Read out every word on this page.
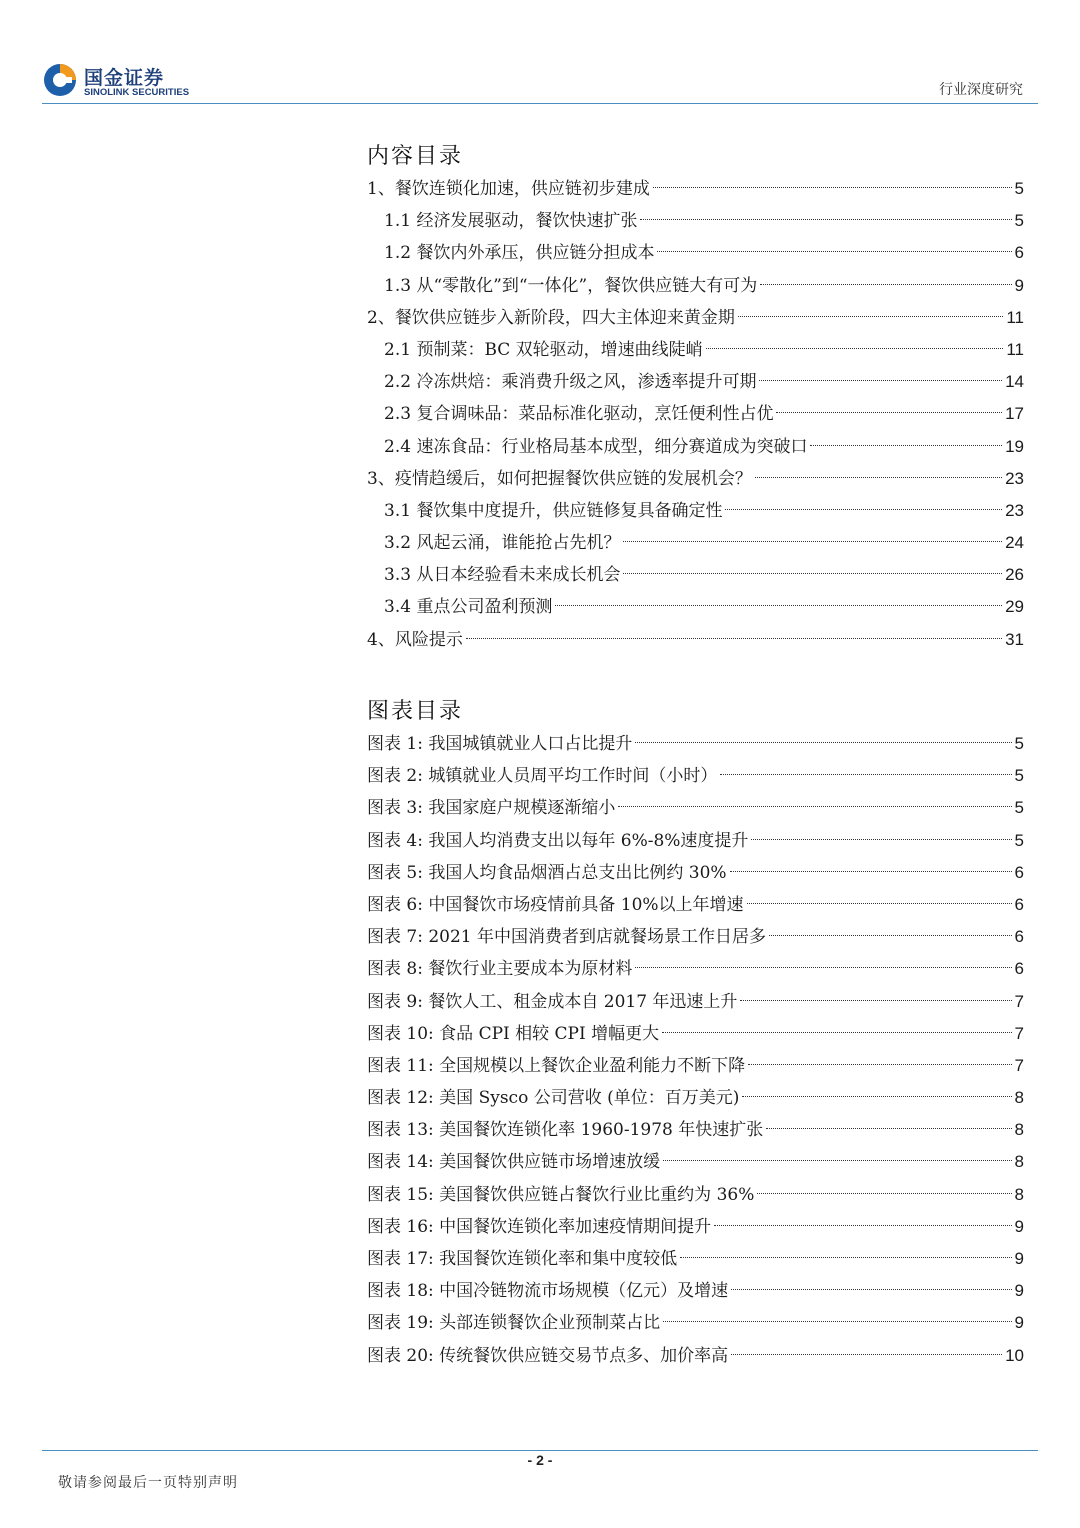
国金证券
SINOLINK SECURITIES	行业深度研究
内容目录
1、餐饮连锁化加速，供应链初步建成	5
1.1 经济发展驱动，餐饮快速扩张	5
1.2 餐饮内外承压，供应链分担成本	6
1.3 从“零散化”到“一体化”，餐饮供应链大有可为	9
2、餐饮供应链步入新阶段，四大主体迎来黄金期	11
2.1 预制菜：BC 双轮驱动，增速曲线陡峭	11
2.2 冷冻烘焙：乘消费升级之风，渗透率提升可期	14
2.3 复合调味品：菜品标准化驱动，烹饪便利性占优	17
2.4 速冻食品：行业格局基本成型，细分赛道成为突破口	19
3、疫情趋缓后，如何把握餐饮供应链的发展机会？	23
3.1 餐饮集中度提升，供应链修复具备确定性	23
3.2 风起云涌，谁能抢占先机？	24
3.3 从日本经验看未来成长机会	26
3.4 重点公司盈利预测	29
4、风险提示	31
图表目录
图表 1: 我国城镇就业人口占比提升	5
图表 2: 城镇就业人员周平均工作时间（小时）	5
图表 3: 我国家庭户规模逐渐缩小	5
图表 4: 我国人均消费支出以每年 6%-8%速度提升	5
图表 5: 我国人均食品烟酒占总支出比例约 30%	6
图表 6: 中国餐饮市场疫情前具备 10%以上年增速	6
图表 7: 2021 年中国消费者到店就餐场景工作日居多	6
图表 8: 餐饮行业主要成本为原材料	6
图表 9: 餐饮人工、租金成本自 2017 年迅速上升	7
图表 10: 食品 CPI 相较 CPI 增幅更大	7
图表 11: 全国规模以上餐饮企业盈利能力不断下降	7
图表 12: 美国 Sysco 公司营收 (单位：百万美元)	8
图表 13: 美国餐饮连锁化率 1960-1978 年快速扩张	8
图表 14: 美国餐饮供应链市场增速放缓	8
图表 15: 美国餐饮供应链占餐饮行业比重约为 36%	8
图表 16: 中国餐饮连锁化率加速疫情期间提升	9
图表 17: 我国餐饮连锁化率和集中度较低	9
图表 18: 中国冷链物流市场规模（亿元）及增速	9
图表 19: 头部连锁餐饮企业预制菜占比	9
图表 20: 传统餐饮供应链交易节点多、加价率高	10
- 2 -
敬请参阅最后一页特别声明
